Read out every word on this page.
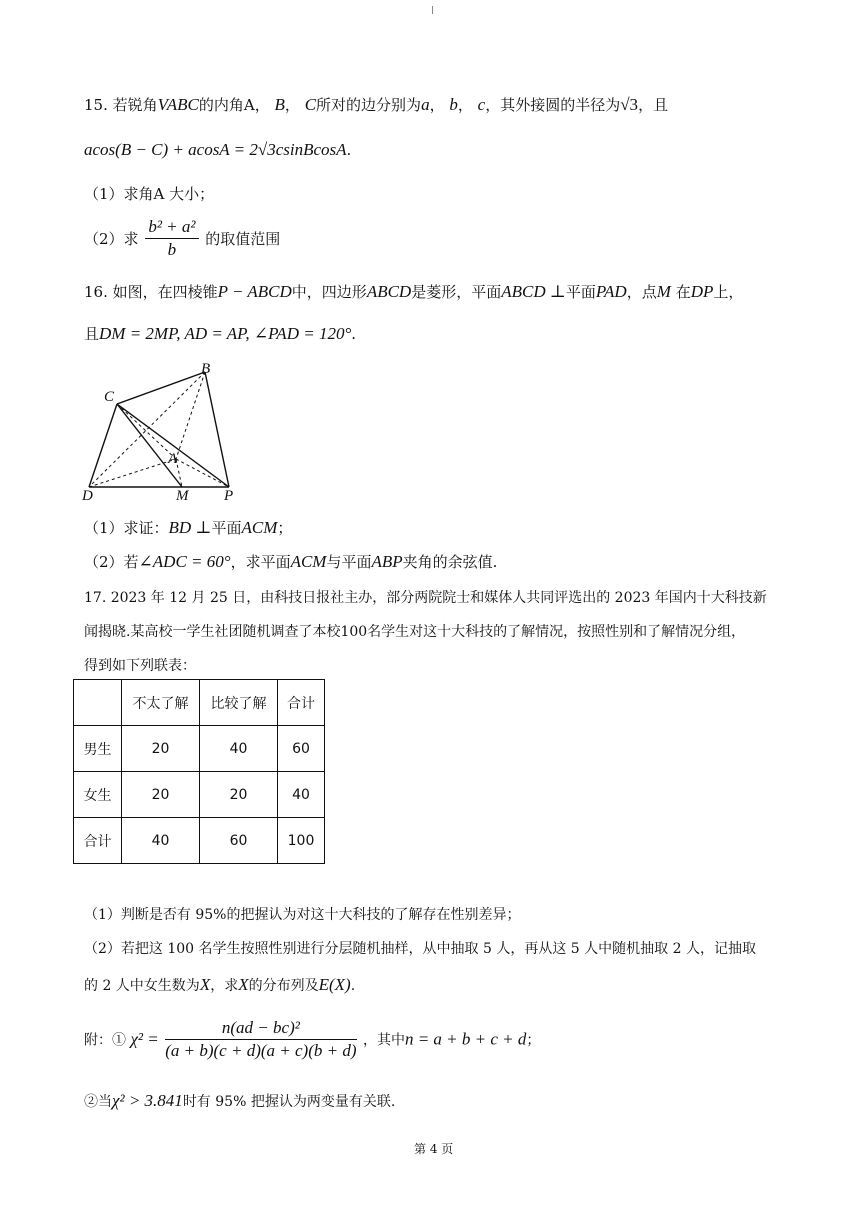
15. 若锐角VABC的内角A， B， C所对的边分别为a， b， c，其外接圆的半径为√3，且
acos(B − C) + acosA = 2√3csinBcosA.
（1）求角A 大小；
（2）求 $\frac{\text{b² + a²}}{b}$ 的取值范围
16. 如图，在四棱锥P − ABCD中，四边形ABCD是菱形，平面ABCD ⊥平面PAD，点M 在DP上，
且DM = 2MP, AD = AP, ∠PAD = 120°.
C
B
A
D	M P
（1）求证：BD ⊥平面ACM；
（2）若∠ADC = 60°，求平面ACM与平面ABP夹角的余弦值.
17. 2023 年 12 月 25 日，由科技日报社主办，部分两院院士和媒体人共同评选出的 2023 年国内十大科技新
闻揭晓.某高校一学生社团随机调查了本校100名学生对这十大科技的了解情况，按照性别和了解情况分组，
得到如下列联表：
	不太了解	比较了解	合计
男生	20	40	60
女生	20	20	40
合计	40	60	100
（1）判断是否有 95%的把握认为对这十大科技的了解存在性别差异；
（2）若把这 100 名学生按照性别进行分层随机抽样，从中抽取 5 人，再从这 5 人中随机抽取 2 人，记抽取
的 2 人中女生数为X，求X的分布列及E(X).
附：① $\chi^2 = \frac{\text{n(ad − bc)²}}{(a + b)(c + d)(a + c)(b + d)}$ ，其中n = a + b + c + d；
②当χ² > 3.841时有 95% 把握认为两变量有关联.
第 4 页
